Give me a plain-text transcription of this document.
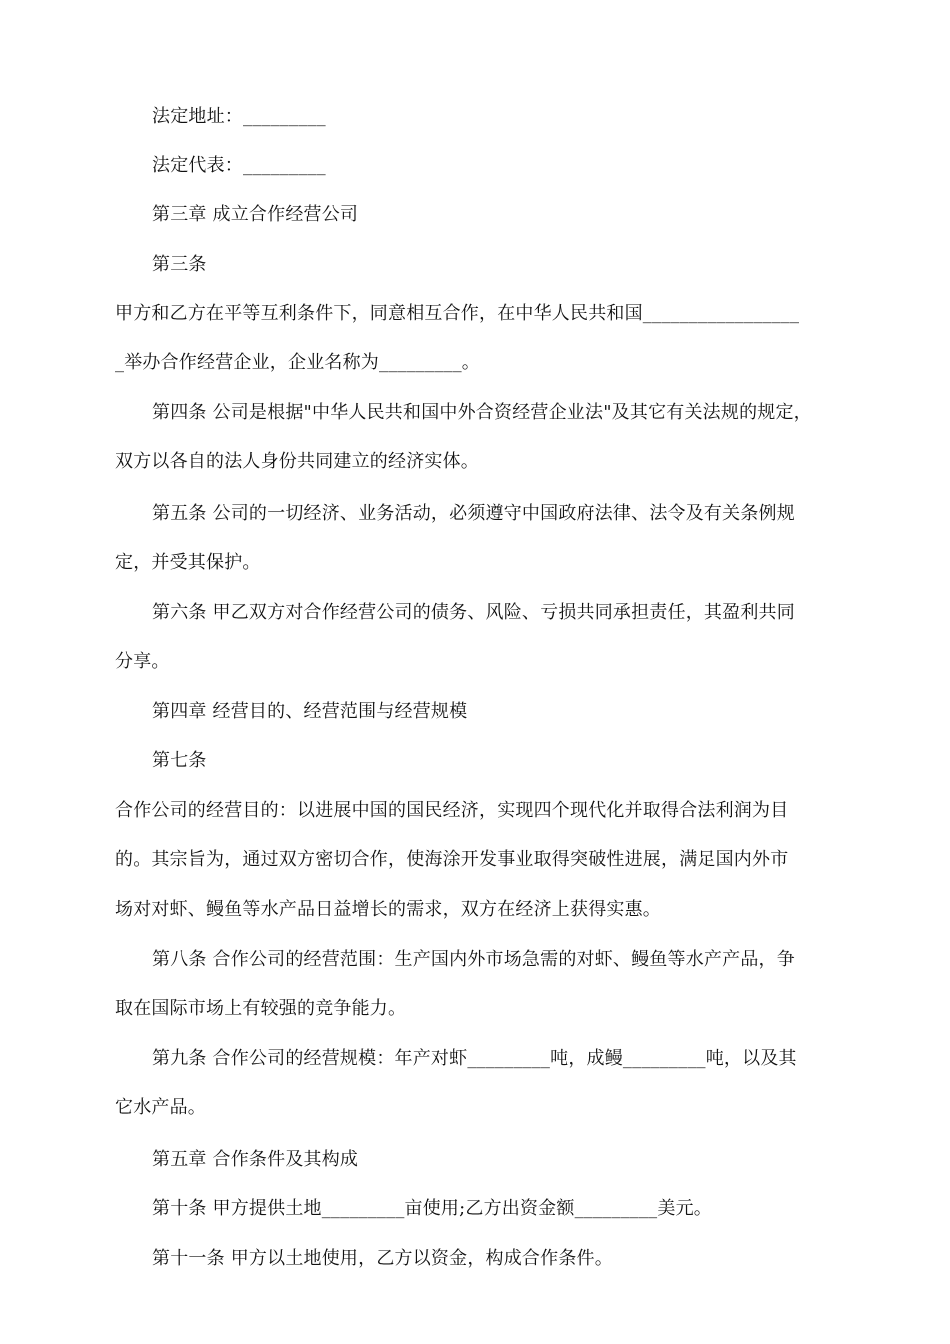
法定地址：_________
法定代表：_________
第三章 成立合作经营公司
第三条
甲方和乙方在平等互利条件下，同意相互合作，在中华人民共和国_________________
_举办合作经营企业，企业名称为_________。
第四条 公司是根据"中华人民共和国中外合资经营企业法"及其它有关法规的规定，
双方以各自的法人身份共同建立的经济实体。
第五条 公司的一切经济、业务活动，必须遵守中国政府法律、法令及有关条例规
定，并受其保护。
第六条 甲乙双方对合作经营公司的债务、风险、亏损共同承担责任，其盈利共同
分享。
第四章 经营目的、经营范围与经营规模
第七条
合作公司的经营目的：以进展中国的国民经济，实现四个现代化并取得合法利润为目
的。其宗旨为，通过双方密切合作，使海涂开发事业取得突破性进展，满足国内外市
场对对虾、鳗鱼等水产品日益增长的需求，双方在经济上获得实惠。
第八条 合作公司的经营范围：生产国内外市场急需的对虾、鳗鱼等水产产品，争
取在国际市场上有较强的竞争能力。
第九条 合作公司的经营规模：年产对虾_________吨，成鳗_________吨，以及其
它水产品。
第五章 合作条件及其构成
第十条 甲方提供土地_________亩使用;乙方出资金额_________美元。
第十一条 甲方以土地使用，乙方以资金，构成合作条件。
